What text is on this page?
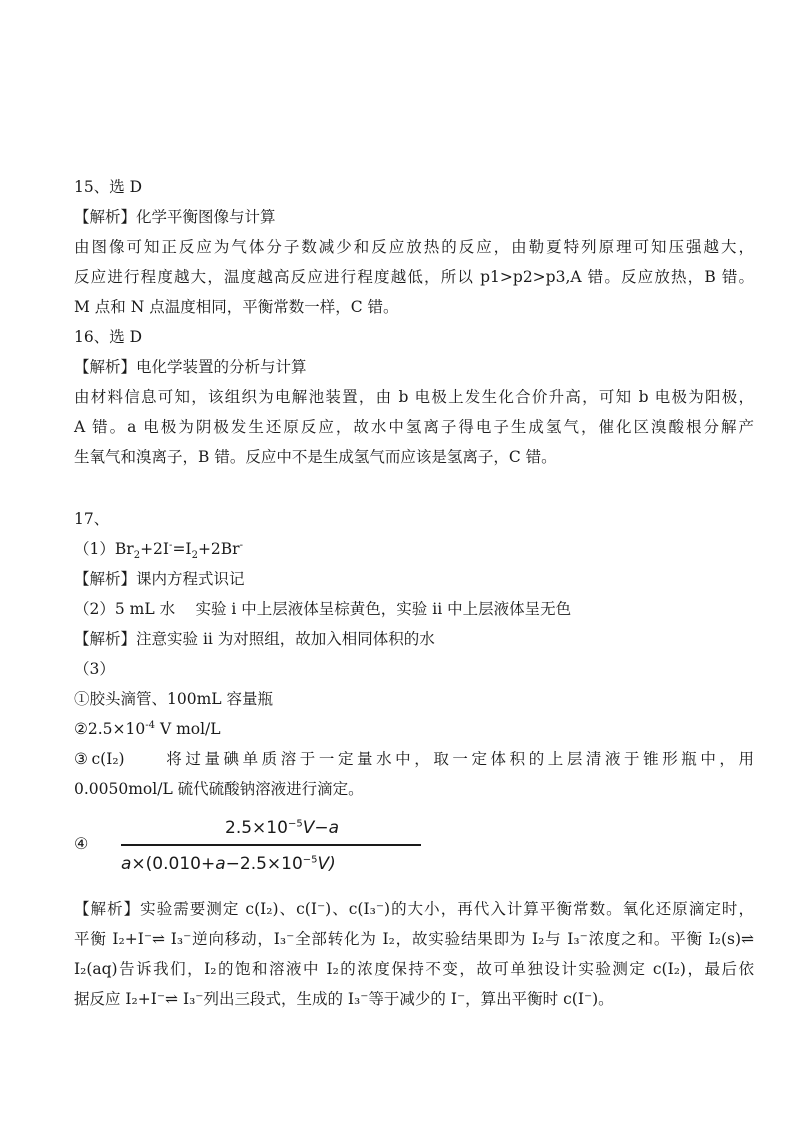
15、选 D
【解析】化学平衡图像与计算
由图像可知正反应为气体分子数减少和反应放热的反应，由勒夏特列原理可知压强越大，
反应进行程度越大，温度越高反应进行程度越低，所以 p1>p2>p3,A 错。反应放热，B 错。
M 点和 N 点温度相同，平衡常数一样，C 错。
16、选 D
【解析】电化学装置的分析与计算
由材料信息可知，该组织为电解池装置，由 b 电极上发生化合价升高，可知 b 电极为阳极，
A 错。a 电极为阴极发生还原反应，故水中氢离子得电子生成氢气，催化区溴酸根分解产
生氧气和溴离子，B 错。反应中不是生成氢气而应该是氢离子，C 错。
17、
$(1)Br_2+2I^-=I_2+2Br^-$
【解析】课内方程式识记
（2）5 mL 水　 实验 i 中上层液体呈棕黄色，实验 ii 中上层液体呈无色
【解析】注意实验 ii 为对照组，故加入相同体积的水
（3）
①胶头滴管、100mL 容量瓶
$②2.5\times 10^{-4}$ V mol/L
③c(I₂)　　将过量碘单质溶于一定量水中，取一定体积的上层清液于锥形瓶中，用
0.0050mol/L 硫代硫酸钠溶液进行滴定。
④
$2.5\times 10^{-5}V-a$
$a\times(0.010+a-2.5\times 10^{-5}V)$
【解析】实验需要测定 c(I₂)、c(I⁻)、c(I₃⁻)的大小，再代入计算平衡常数。氧化还原滴定时，
平衡 I₂+I⁻⇌ I₃⁻逆向移动，I₃⁻全部转化为 I₂，故实验结果即为 I₂与 I₃⁻浓度之和。平衡 I₂(s)⇌
I₂(aq)告诉我们，I₂的饱和溶液中 I₂的浓度保持不变，故可单独设计实验测定 c(I₂)，最后依
据反应 I₂+I⁻⇌ I₃⁻列出三段式，生成的 I₃⁻等于减少的 I⁻，算出平衡时 c(I⁻)。
